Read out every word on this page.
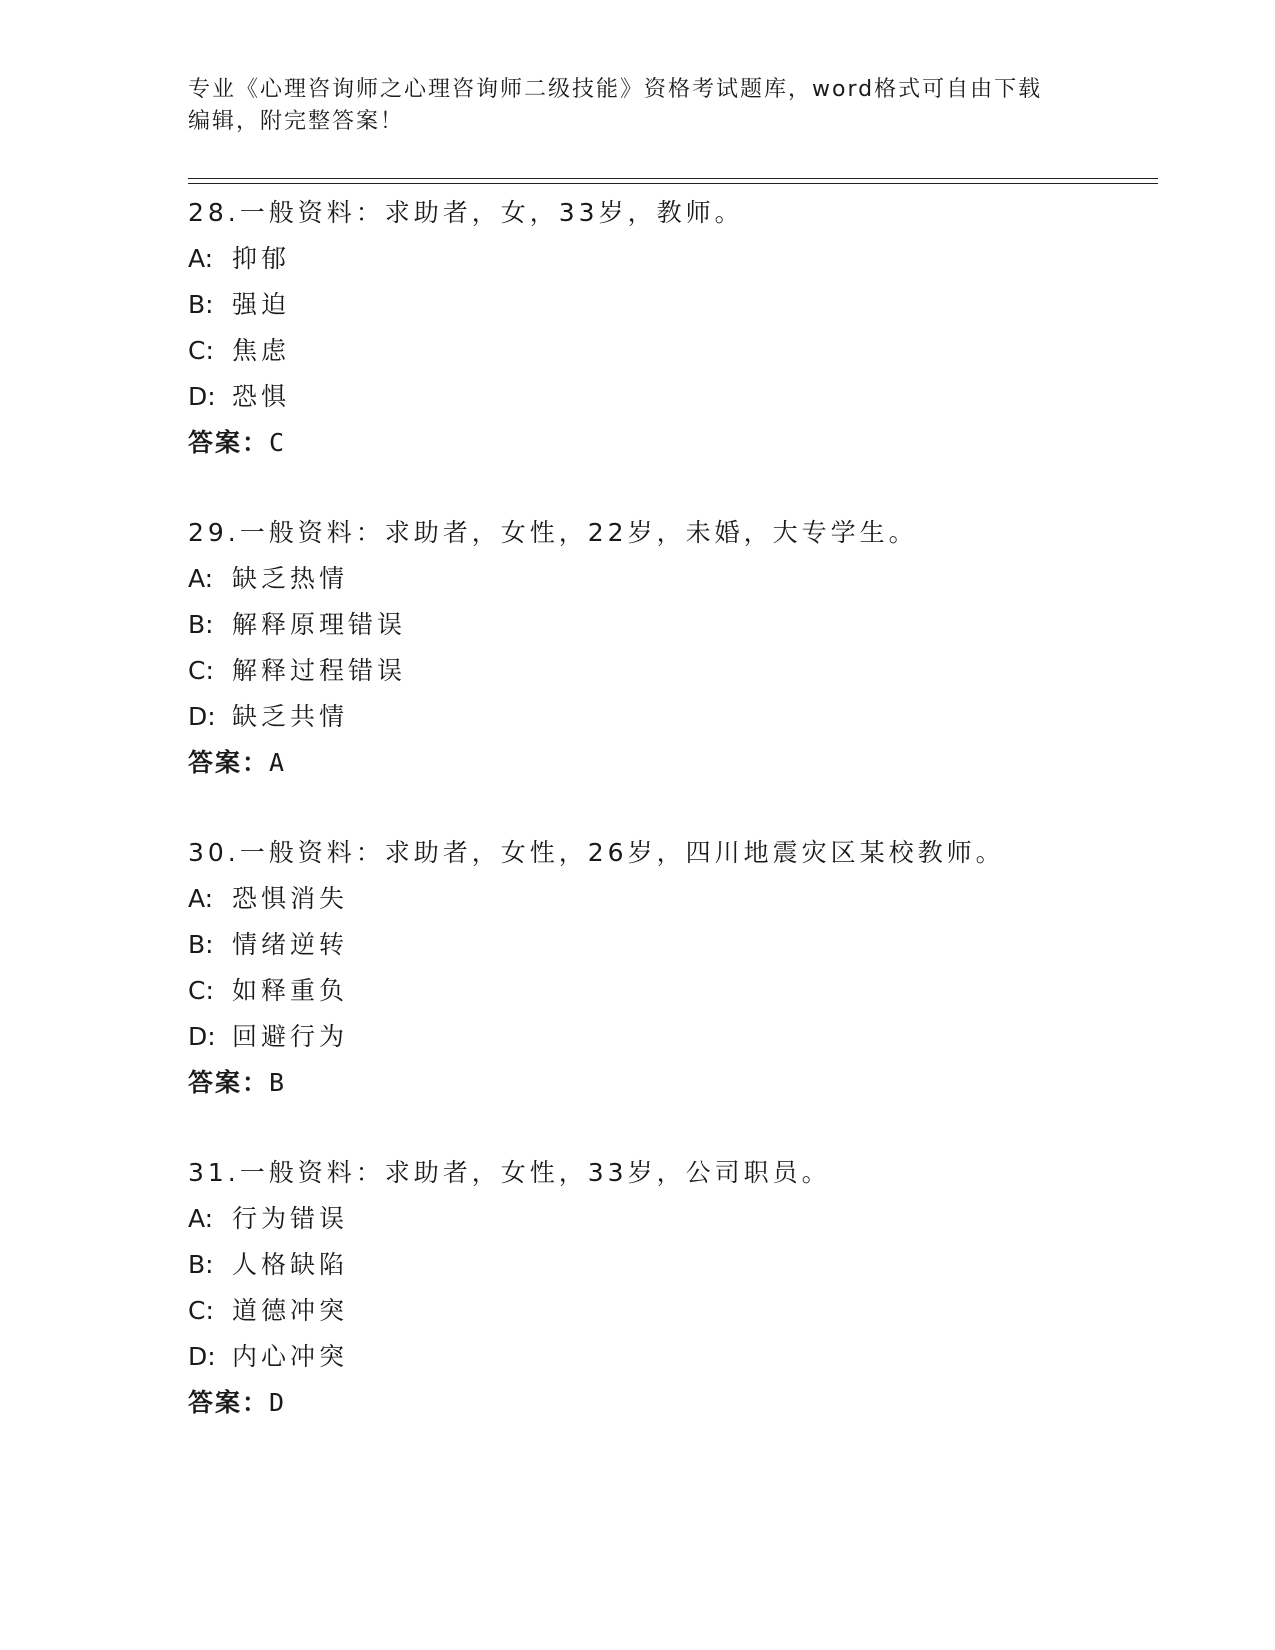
专业《心理咨询师之心理咨询师二级技能》资格考试题库，word格式可自由下载
编辑，附完整答案！
28.一般资料：求助者，女，33岁，教师。
A: 抑郁
B: 强迫
C: 焦虑
D: 恐惧
答案：C
29.一般资料：求助者，女性，22岁，未婚，大专学生。
A: 缺乏热情
B: 解释原理错误
C: 解释过程错误
D: 缺乏共情
答案：A
30.一般资料：求助者，女性，26岁，四川地震灾区某校教师。
A: 恐惧消失
B: 情绪逆转
C: 如释重负
D: 回避行为
答案：B
31.一般资料：求助者，女性，33岁，公司职员。
A: 行为错误
B: 人格缺陷
C: 道德冲突
D: 内心冲突
答案：D
